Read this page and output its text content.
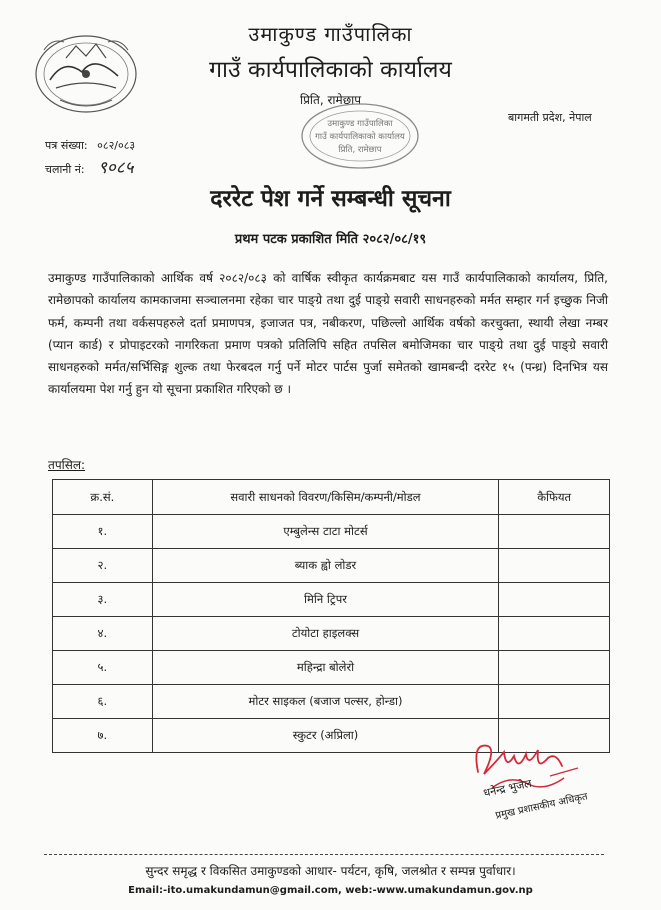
उमाकुण्ड गाउँपालिका
गाउँ कार्यपालिकाको कार्यालय
प्रिति, रामेछाप
बागमती प्रदेश, नेपाल
पत्र संख्या: ०८२/०८३
चलानी नं: ९०८५
उमाकुण्ड गाउँपालिका
गाउँ कार्यपालिकाको कार्यालय
प्रिति, रामेछाप
दररेट पेश गर्ने सम्बन्धी सूचना
प्रथम पटक प्रकाशित मिति २०८२/०८/१९
उमाकुण्ड गाउँपालिकाको आर्थिक वर्ष २०८२/०८३ को वार्षिक स्वीकृत कार्यक्रमबाट यस गाउँ कार्यपालिकाको कार्यालय, प्रिति, रामेछापको कार्यालय कामकाजमा सञ्चालनमा रहेका चार पाङ्ग्रे तथा दुई पाङ्ग्रे सवारी साधनहरुको मर्मत सम्हार गर्न इच्छुक निजी फर्म, कम्पनी तथा वर्कसपहरुले दर्ता प्रमाणपत्र, इजाजत पत्र, नबीकरण, पछिल्लो आर्थिक वर्षको करचुक्ता, स्थायी लेखा नम्बर (प्यान कार्ड) र प्रोपाइटरको नागरिकता प्रमाण पत्रको प्रतिलिपि सहित तपसिल बमोजिमका चार पाङ्ग्रे तथा दुई पाङ्ग्रे सवारी साधनहरुको मर्मत/सर्भिसिङ्ग शुल्क तथा फेरबदल गर्नु पर्ने मोटर पार्टस पुर्जा समेतको खामबन्दी दररेट १५ (पन्ध्र) दिनभित्र यस कार्यालयमा पेश गर्नु हुन यो सूचना प्रकाशित गरिएको छ ।
तपसिल:
क्र.सं.	सवारी साधनको विवरण/किसिम/कम्पनी/मोडल	कैफियत
१.	एम्बुलेन्स टाटा मोटर्स	
२.	ब्याक ह्वो लोडर	
३.	मिनि ट्रिपर	
४.	टोयोटा हाइलक्स	
५.	महिन्द्रा बोलेरो	
६.	मोटर साइकल (बजाज पल्सर, होन्डा)	
७.	स्कुटर (अप्रिला)	
धनेन्द्र भुजेल
प्रमुख प्रशासकीय अधिकृत
सुन्दर समृद्ध र विकसित उमाकुण्डको आधार- पर्यटन, कृषि, जलश्रोत र सम्पन्न पुर्वाधार।
Email:-ito.umakundamun@gmail.com, web:-www.umakundamun.gov.np
